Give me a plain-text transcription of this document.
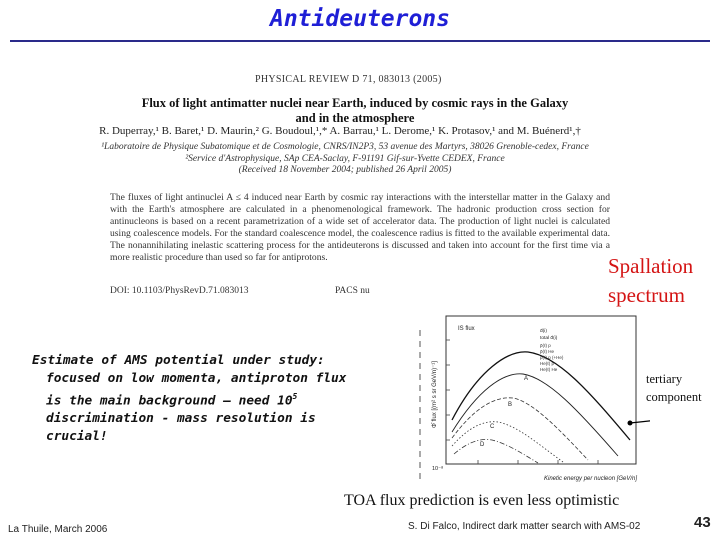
Antideuterons
PHYSICAL REVIEW D 71, 083013 (2005)
Flux of light antimatter nuclei near Earth, induced by cosmic rays in the Galaxy
and in the atmosphere
R. Duperray,¹ B. Baret,¹ D. Maurin,² G. Boudoul,¹,* A. Barrau,¹ L. Derome,¹ K. Protasov,¹ and M. Buénerd¹,†
¹Laboratoire de Physique Subatomique et de Cosmologie, CNRS/IN2P3, 53 avenue des Martyrs, 38026 Grenoble-cedex, France
²Service d'Astrophysique, SAp CEA-Saclay, F-91191 Gif-sur-Yvette CEDEX, France
(Received 18 November 2004; published 26 April 2005)
The fluxes of light antinuclei A ≤ 4 induced near Earth by cosmic ray interactions with the interstellar matter in the Galaxy and with the Earth's atmosphere are calculated in a phenomenological framework. The hadronic production cross section for antinucleons is based on a recent parametrization of a wide set of accelerator data. The production of light nuclei is calculated using coalescence models. For the standard coalescence model, the coalescence radius is fitted to the available experimental data. The nonannihilating inelastic scattering process for the antideuterons is discussed and taken into account for the first time via a more realistic procedure than used so far for antiprotons.
DOI: 10.1103/PhysRevD.71.083013	PACS nu
Spallation
spectrum
Estimate of AMS potential under study:
focused on low momenta, antiproton flux
is the main background – need $10^5$
discrimination - mass resolution is
crucial!
IS flux	d̄(i)
total d̄(i)
p̄(ℓ) p
p̄(ℓ) He
p̄(ℓ) p (+He)
He(ℓ) p
He(ℓ) He
A
B
C
D
10⁻⁸
Kinetic energy per nucleon [GeV/n]
Φ̄ flux [(m² s sr GeV/n)⁻¹]	tertiary
component
TOA flux prediction is even less optimistic
La Thuile, March 2006	S. Di Falco, Indirect dark matter search with AMS-02	43
